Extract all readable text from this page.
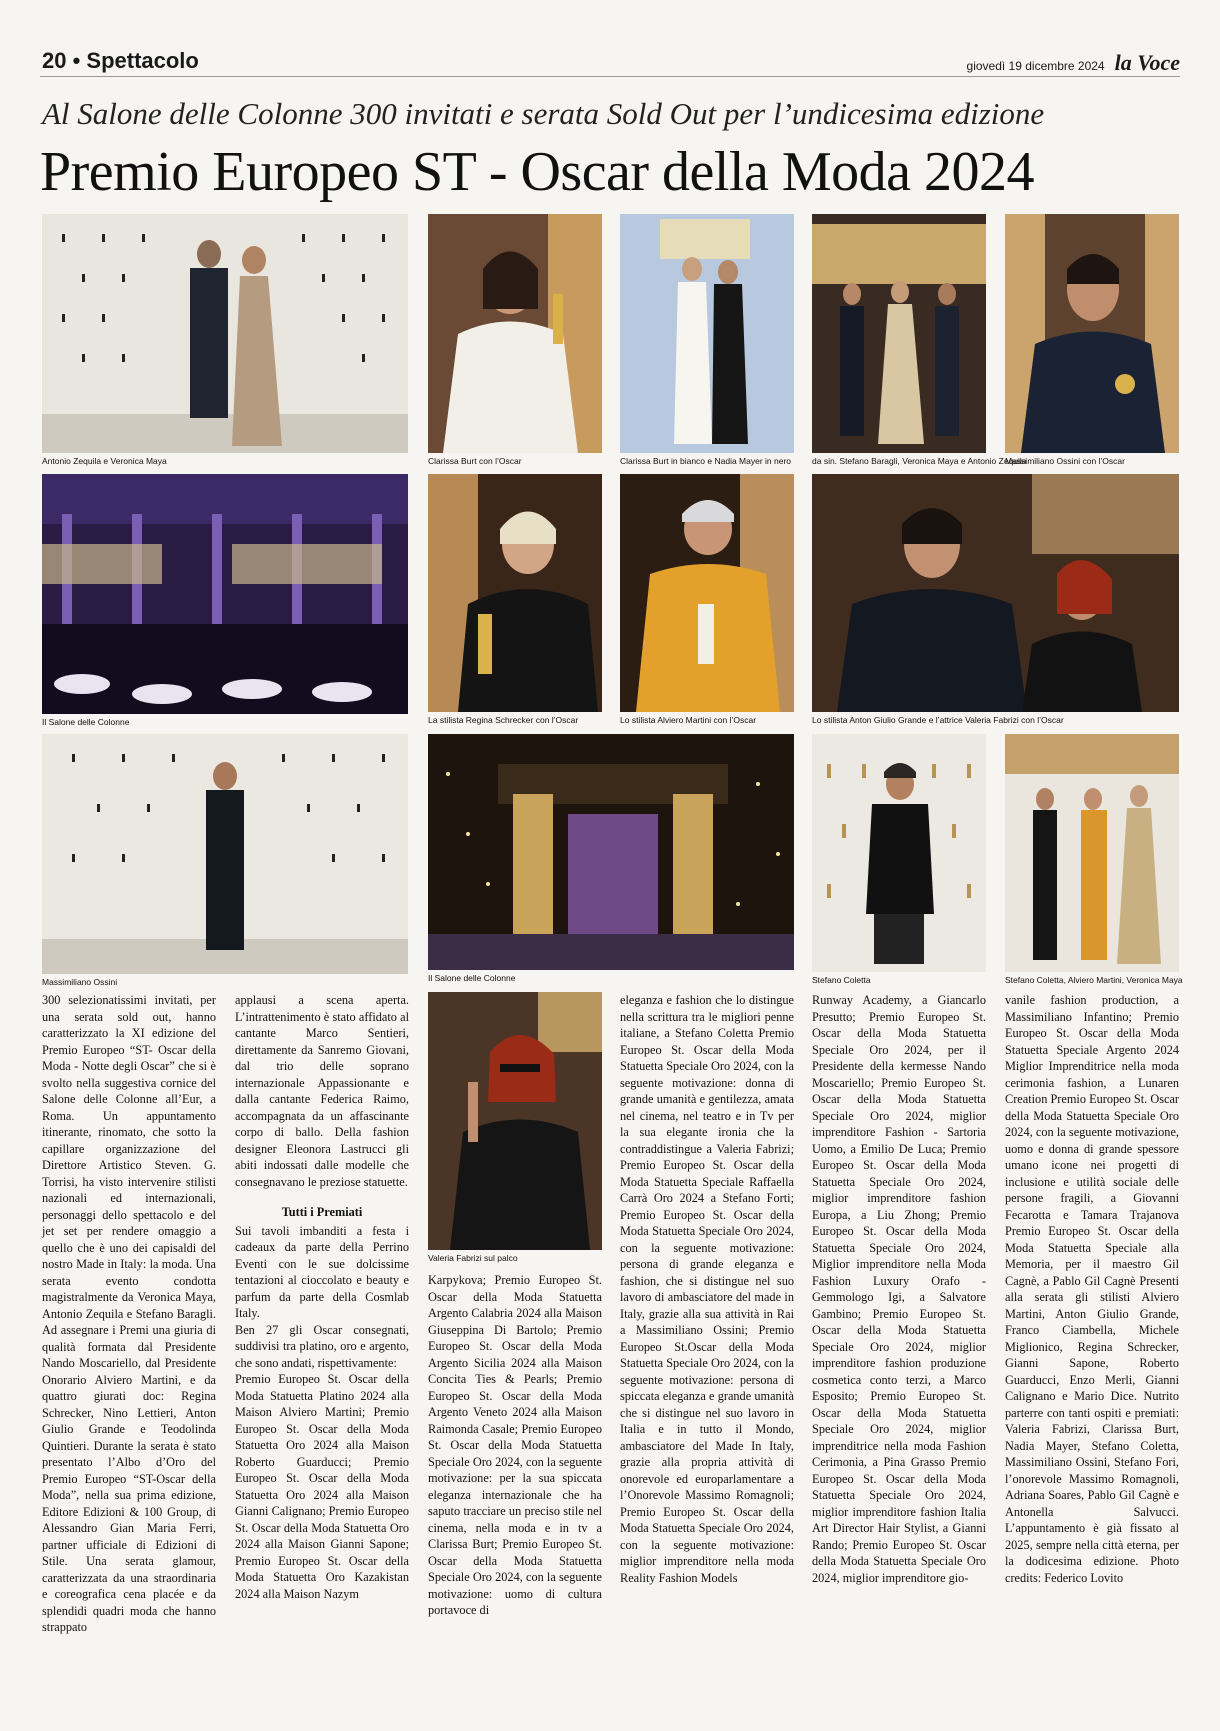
20 • Spettacolo	giovedì 19 dicembre 2024 la Voce
Al Salone delle Colonne 300 invitati e serata Sold Out per l’undicesima edizione
Premio Europeo ST - Oscar della Moda 2024
Antonio Zequila e Veronica Maya	Clarissa Burt con l’Oscar	Clarissa Burt in bianco e Nadia Mayer in nero da sin. Stefano Baragli, Veronica Maya e Antonio Zequila
Massimiliano Ossini con l’Oscar
Il Salone delle Colonne	La stilista Regina Schrecker con l’Oscar	Lo stilista Alviero Martini con l’Oscar	Lo stilista Anton Giulio Grande e l’attrice Valeria Fabrizi con l’Oscar
Massimiliano Ossini	Il Salone delle Colonne	Stefano Coletta	Stefano Coletta, Alviero Martini, Veronica Maya
Valeria Fabrizi sul palco

300 selezionatissimi invitati, per una serata sold out, hanno caratterizzato la XI edizione del Premio Europeo “ST- Oscar della Moda - Notte degli Oscar” che si è svolto nella suggestiva cornice del Salone delle Colonne all’Eur, a Roma. Un appuntamento itinerante, rinomato, che sotto la capillare organizzazione del Direttore Artistico Steven. G. Torrisi, ha visto intervenire stilisti nazionali ed internazionali, personaggi dello spettacolo e del jet set per rendere omaggio a quello che è uno dei capisaldi del nostro Made in Italy: la moda. Una serata evento condotta magistralmente da Veronica Maya, Antonio Zequila e Stefano Baragli. Ad assegnare i Premi una giuria di qualità formata dal Presidente Nando Moscariello, dal Presidente Onorario Alviero Martini, e da quattro giurati doc: Regina Schrecker, Nino Lettieri, Anton Giulio Grande e Teodolinda Quintieri. Durante la serata è stato presentato l’Albo d’Oro del Premio Europeo “ST-Oscar della Moda”, nella sua prima edizione, Editore Edizioni & 100 Group, di Alessandro Gian Maria Ferri, partner ufficiale di Edizioni di Stile. Una serata glamour, caratterizzata da una straordinaria e coreografica cena placée e da splendidi quadri moda che hanno strappato

applausi a scena aperta. L’intrattenimento è stato affidato al cantante Marco Sentieri, direttamente da Sanremo Giovani, dal trio delle soprano internazionale Appassionante e dalla cantante Federica Raimo, accompagnata da un affascinante corpo di ballo. Della fashion designer Eleonora Lastrucci gli abiti indossati dalle modelle che consegnavano le preziose statuette.

Tutti i Premiati

Sui tavoli imbanditi a festa i cadeaux da parte della Perrino Eventi con le sue dolcissime tentazioni al cioccolato e beauty e parfum da parte della Cosmlab Italy.

Ben 27 gli Oscar consegnati, suddivisi tra platino, oro e argento, che sono andati, rispettivamente:

Premio Europeo St. Oscar della Moda Statuetta Platino 2024 alla Maison Alviero Martini; Premio Europeo St. Oscar della Moda Statuetta Oro 2024 alla Maison Roberto Guarducci; Premio Europeo St. Oscar della Moda Statuetta Oro 2024 alla Maison Gianni Calignano; Premio Europeo St. Oscar della Moda Statuetta Oro 2024 alla Maison Gianni Sapone; Premio Europeo St. Oscar della Moda Statuetta Oro Kazakistan 2024 alla Maison Nazym

Karpykova; Premio Europeo St. Oscar della Moda Statuetta Argento Calabria 2024 alla Maison Giuseppina Di Bartolo; Premio Europeo St. Oscar della Moda Argento Sicilia 2024 alla Maison Concita Ties & Pearls; Premio Europeo St. Oscar della Moda Argento Veneto 2024 alla Maison Raimonda Casale; Premio Europeo St. Oscar della Moda Statuetta Speciale Oro 2024, con la seguente motivazione: per la sua spiccata eleganza internazionale che ha saputo tracciare un preciso stile nel cinema, nella moda e in tv a Clarissa Burt; Premio Europeo St. Oscar della Moda Statuetta Speciale Oro 2024, con la seguente motivazione: uomo di cultura portavoce di

eleganza e fashion che lo distingue nella scrittura tra le migliori penne italiane, a Stefano Coletta Premio Europeo St. Oscar della Moda Statuetta Speciale Oro 2024, con la seguente motivazione: donna di grande umanità e gentilezza, amata nel cinema, nel teatro e in Tv per la sua elegante ironia che la contraddistingue a Valeria Fabrizi; Premio Europeo St. Oscar della Moda Statuetta Speciale Raffaella Carrà Oro 2024 a Stefano Forti; Premio Europeo St. Oscar della Moda Statuetta Speciale Oro 2024, con la seguente motivazione: persona di grande eleganza e fashion, che si distingue nel suo lavoro di ambasciatore del made in Italy, grazie alla sua attività in Rai a Massimiliano Ossini; Premio Europeo St.Oscar della Moda Statuetta Speciale Oro 2024, con la seguente motivazione: persona di spiccata eleganza e grande umanità che si distingue nel suo lavoro in Italia e in tutto il Mondo, ambasciatore del Made In Italy, grazie alla propria attività di onorevole ed europarlamentare a l’Onorevole Massimo Romagnoli; Premio Europeo St. Oscar della Moda Statuetta Speciale Oro 2024, con la seguente motivazione: miglior imprenditore nella moda Reality Fashion Models

Runway Academy, a Giancarlo Presutto; Premio Europeo St. Oscar della Moda Statuetta Speciale Oro 2024, per il Presidente della kermesse Nando Moscariello; Premio Europeo St. Oscar della Moda Statuetta Speciale Oro 2024, miglior imprenditore Fashion - Sartoria Uomo, a Emilio De Luca; Premio Europeo St. Oscar della Moda Statuetta Speciale Oro 2024, miglior imprenditore fashion Europa, a Liu Zhong; Premio Europeo St. Oscar della Moda Statuetta Speciale Oro 2024, Miglior imprenditore nella Moda Fashion Luxury Orafo - Gemmologo Igi, a Salvatore Gambino; Premio Europeo St. Oscar della Moda Statuetta Speciale Oro 2024, miglior imprenditore fashion produzione cosmetica conto terzi, a Marco Esposito; Premio Europeo St. Oscar della Moda Statuetta Speciale Oro 2024, miglior imprenditrice nella moda Fashion Cerimonia, a Pina Grasso Premio Europeo St. Oscar della Moda Statuetta Speciale Oro 2024, miglior imprenditore fashion Italia Art Director Hair Stylist, a Gianni Rando; Premio Europeo St. Oscar della Moda Statuetta Speciale Oro 2024, miglior imprenditore gio-

vanile fashion production, a Massimiliano Infantino; Premio Europeo St. Oscar della Moda Statuetta Speciale Argento 2024 Miglior Imprenditrice nella moda cerimonia fashion, a Lunaren Creation Premio Europeo St. Oscar della Moda Statuetta Speciale Oro 2024, con la seguente motivazione, uomo e donna di grande spessore umano icone nei progetti di inclusione e utilità sociale delle persone fragili, a Giovanni Fecarotta e Tamara Trajanova Premio Europeo St. Oscar della Moda Statuetta Speciale alla Memoria, per il maestro Gil Cagnè, a Pablo Gil Cagnè Presenti alla serata gli stilisti Alviero Martini, Anton Giulio Grande, Franco Ciambella, Michele Miglionico, Regina Schrecker, Gianni Sapone, Roberto Guarducci, Enzo Merli, Gianni Calignano e Mario Dice. Nutrito parterre con tanti ospiti e premiati: Valeria Fabrizi, Clarissa Burt, Nadia Mayer, Stefano Coletta, Massimiliano Ossini, Stefano Fori, l’onorevole Massimo Romagnoli, Adriana Soares, Pablo Gil Cagnè e Antonella Salvucci. L’appuntamento è già fissato al 2025, sempre nella città eterna, per la dodicesima edizione. Photo credits: Federico Lovito
